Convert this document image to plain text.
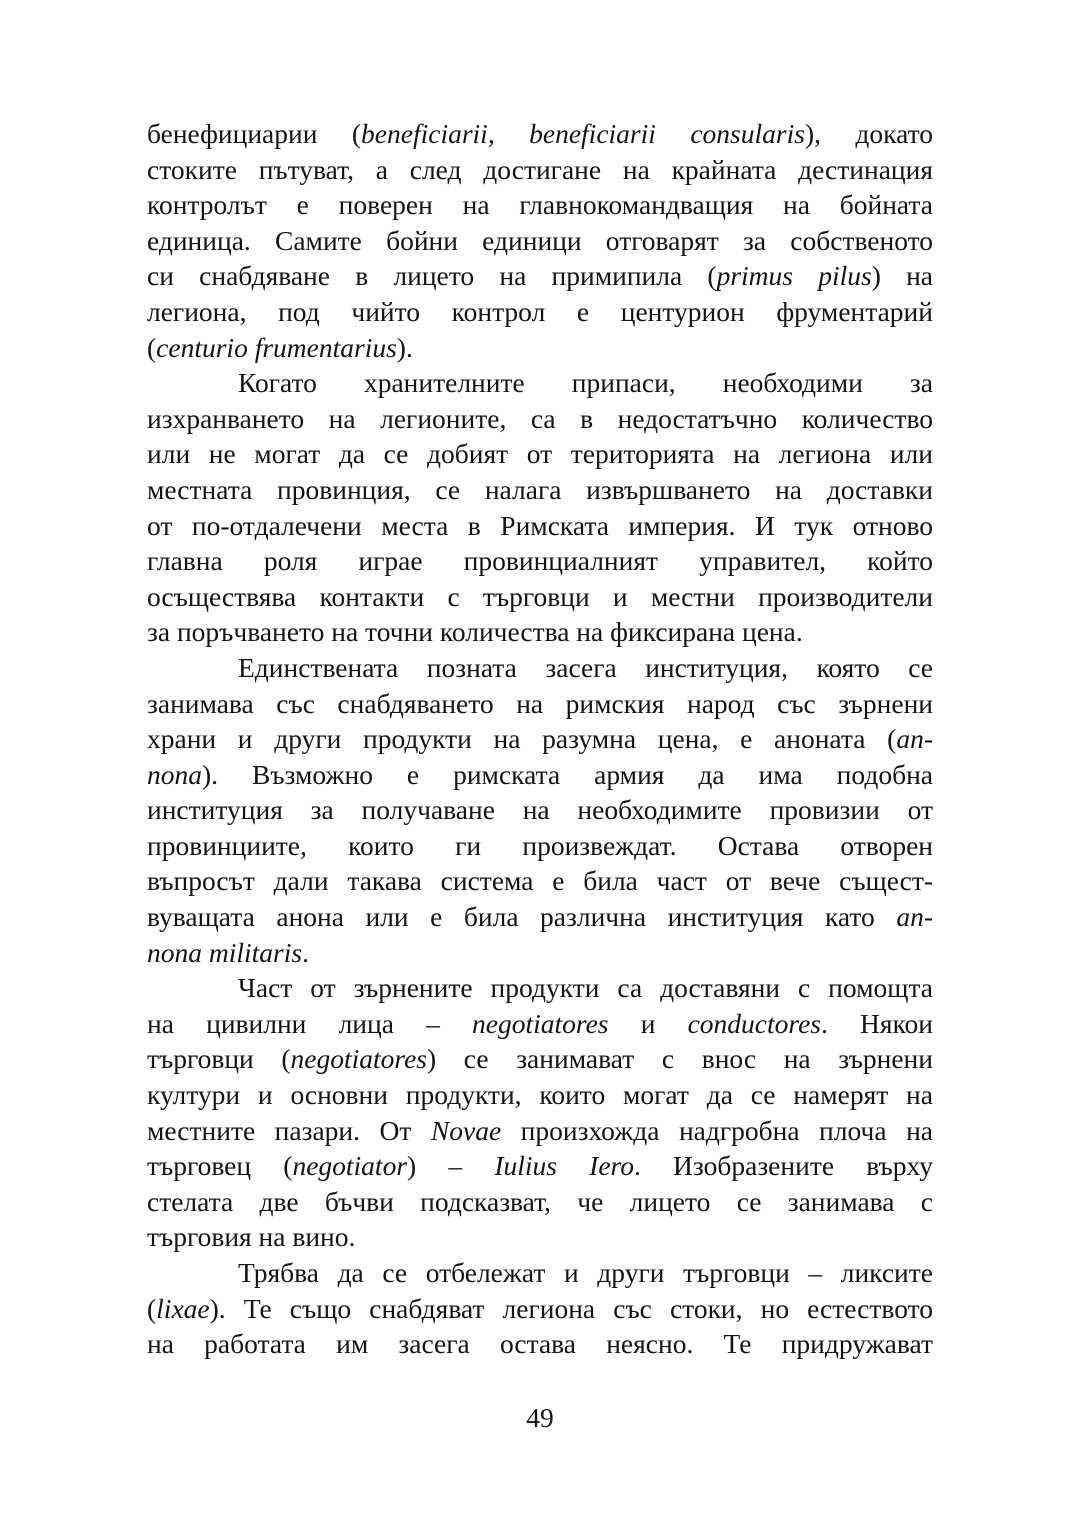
бенефициарии (beneficiarii, beneficiarii consularis), докато
стоките пътуват, а след достигане на крайната дестинация
контролът е поверен на главнокомандващия на бойната
единица. Самите бойни единици отговарят за собственото
си снабдяване в лицето на примипила (primus pilus) на
легиона, под чийто контрол е центурион фрументарий
(centurio frumentarius).
Когато хранителните припаси, необходими за
изхранването на легионите, са в недостатъчно количество
или не могат да се добият от територията на легиона или
местната провинция, се налага извършването на доставки
от по-отдалечени места в Римската империя. И тук отново
главна роля играе провинциалният управител, който
осъществява контакти с търговци и местни производители
за поръчването на точни количества на фиксирана цена.
Единствената позната засега институция, която се
занимава със снабдяването на римския народ със зърнени
храни и други продукти на разумна цена, е анoната (an-
nona). Възможно е римската армия да има подобна
институция за получаване на необходимите провизии от
провинциите, които ги произвеждат. Остава отворен
въпросът дали такава система е била част от вече същест-
вуващата анона или е била различна институция като an-
nona militaris.
Част от зърнените продукти са доставяни с помощта
на цивилни лица – negotiatores и conductores. Някои
търговци (negotiatores) се занимават с внос на зърнени
култури и основни продукти, които могат да се намерят на
местните пазари. От Novae произхожда надгробна плоча на
търговец (negotiator) – Iulius Iero. Изобразените върху
стелата две бъчви подсказват, че лицето се занимава с
търговия на вино.
Трябва да се отбележат и други търговци – ликсите
(lixae). Те също снабдяват легиона със стоки, но естеството
на работата им засега остава неясно. Те придружават
49
